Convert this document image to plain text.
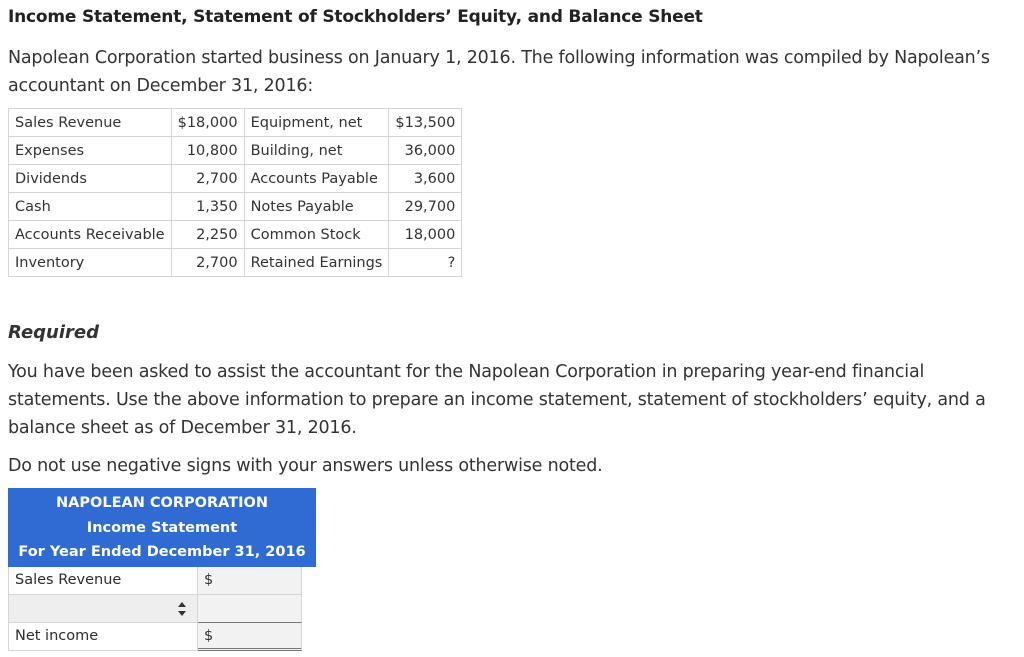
Income Statement, Statement of Stockholders’ Equity, and Balance Sheet
Napolean Corporation started business on January 1, 2016. The following information was compiled by Napolean’s accountant on December 31, 2016:
Sales Revenue	$18,000	Equipment, net	$13,500
Expenses	10,800	Building, net	36,000
Dividends	2,700	Accounts Payable	3,600
Cash	1,350	Notes Payable	29,700
Accounts Receivable	2,250	Common Stock	18,000
Inventory	2,700	Retained Earnings	?
Required
You have been asked to assist the accountant for the Napolean Corporation in preparing year-end financial statements. Use the above information to prepare an income statement, statement of stockholders’ equity, and a balance sheet as of December 31, 2016.
Do not use negative signs with your answers unless otherwise noted.
NAPOLEAN CORPORATION
Income Statement
For Year Ended December 31, 2016
Sales Revenue	$
Net income	$
